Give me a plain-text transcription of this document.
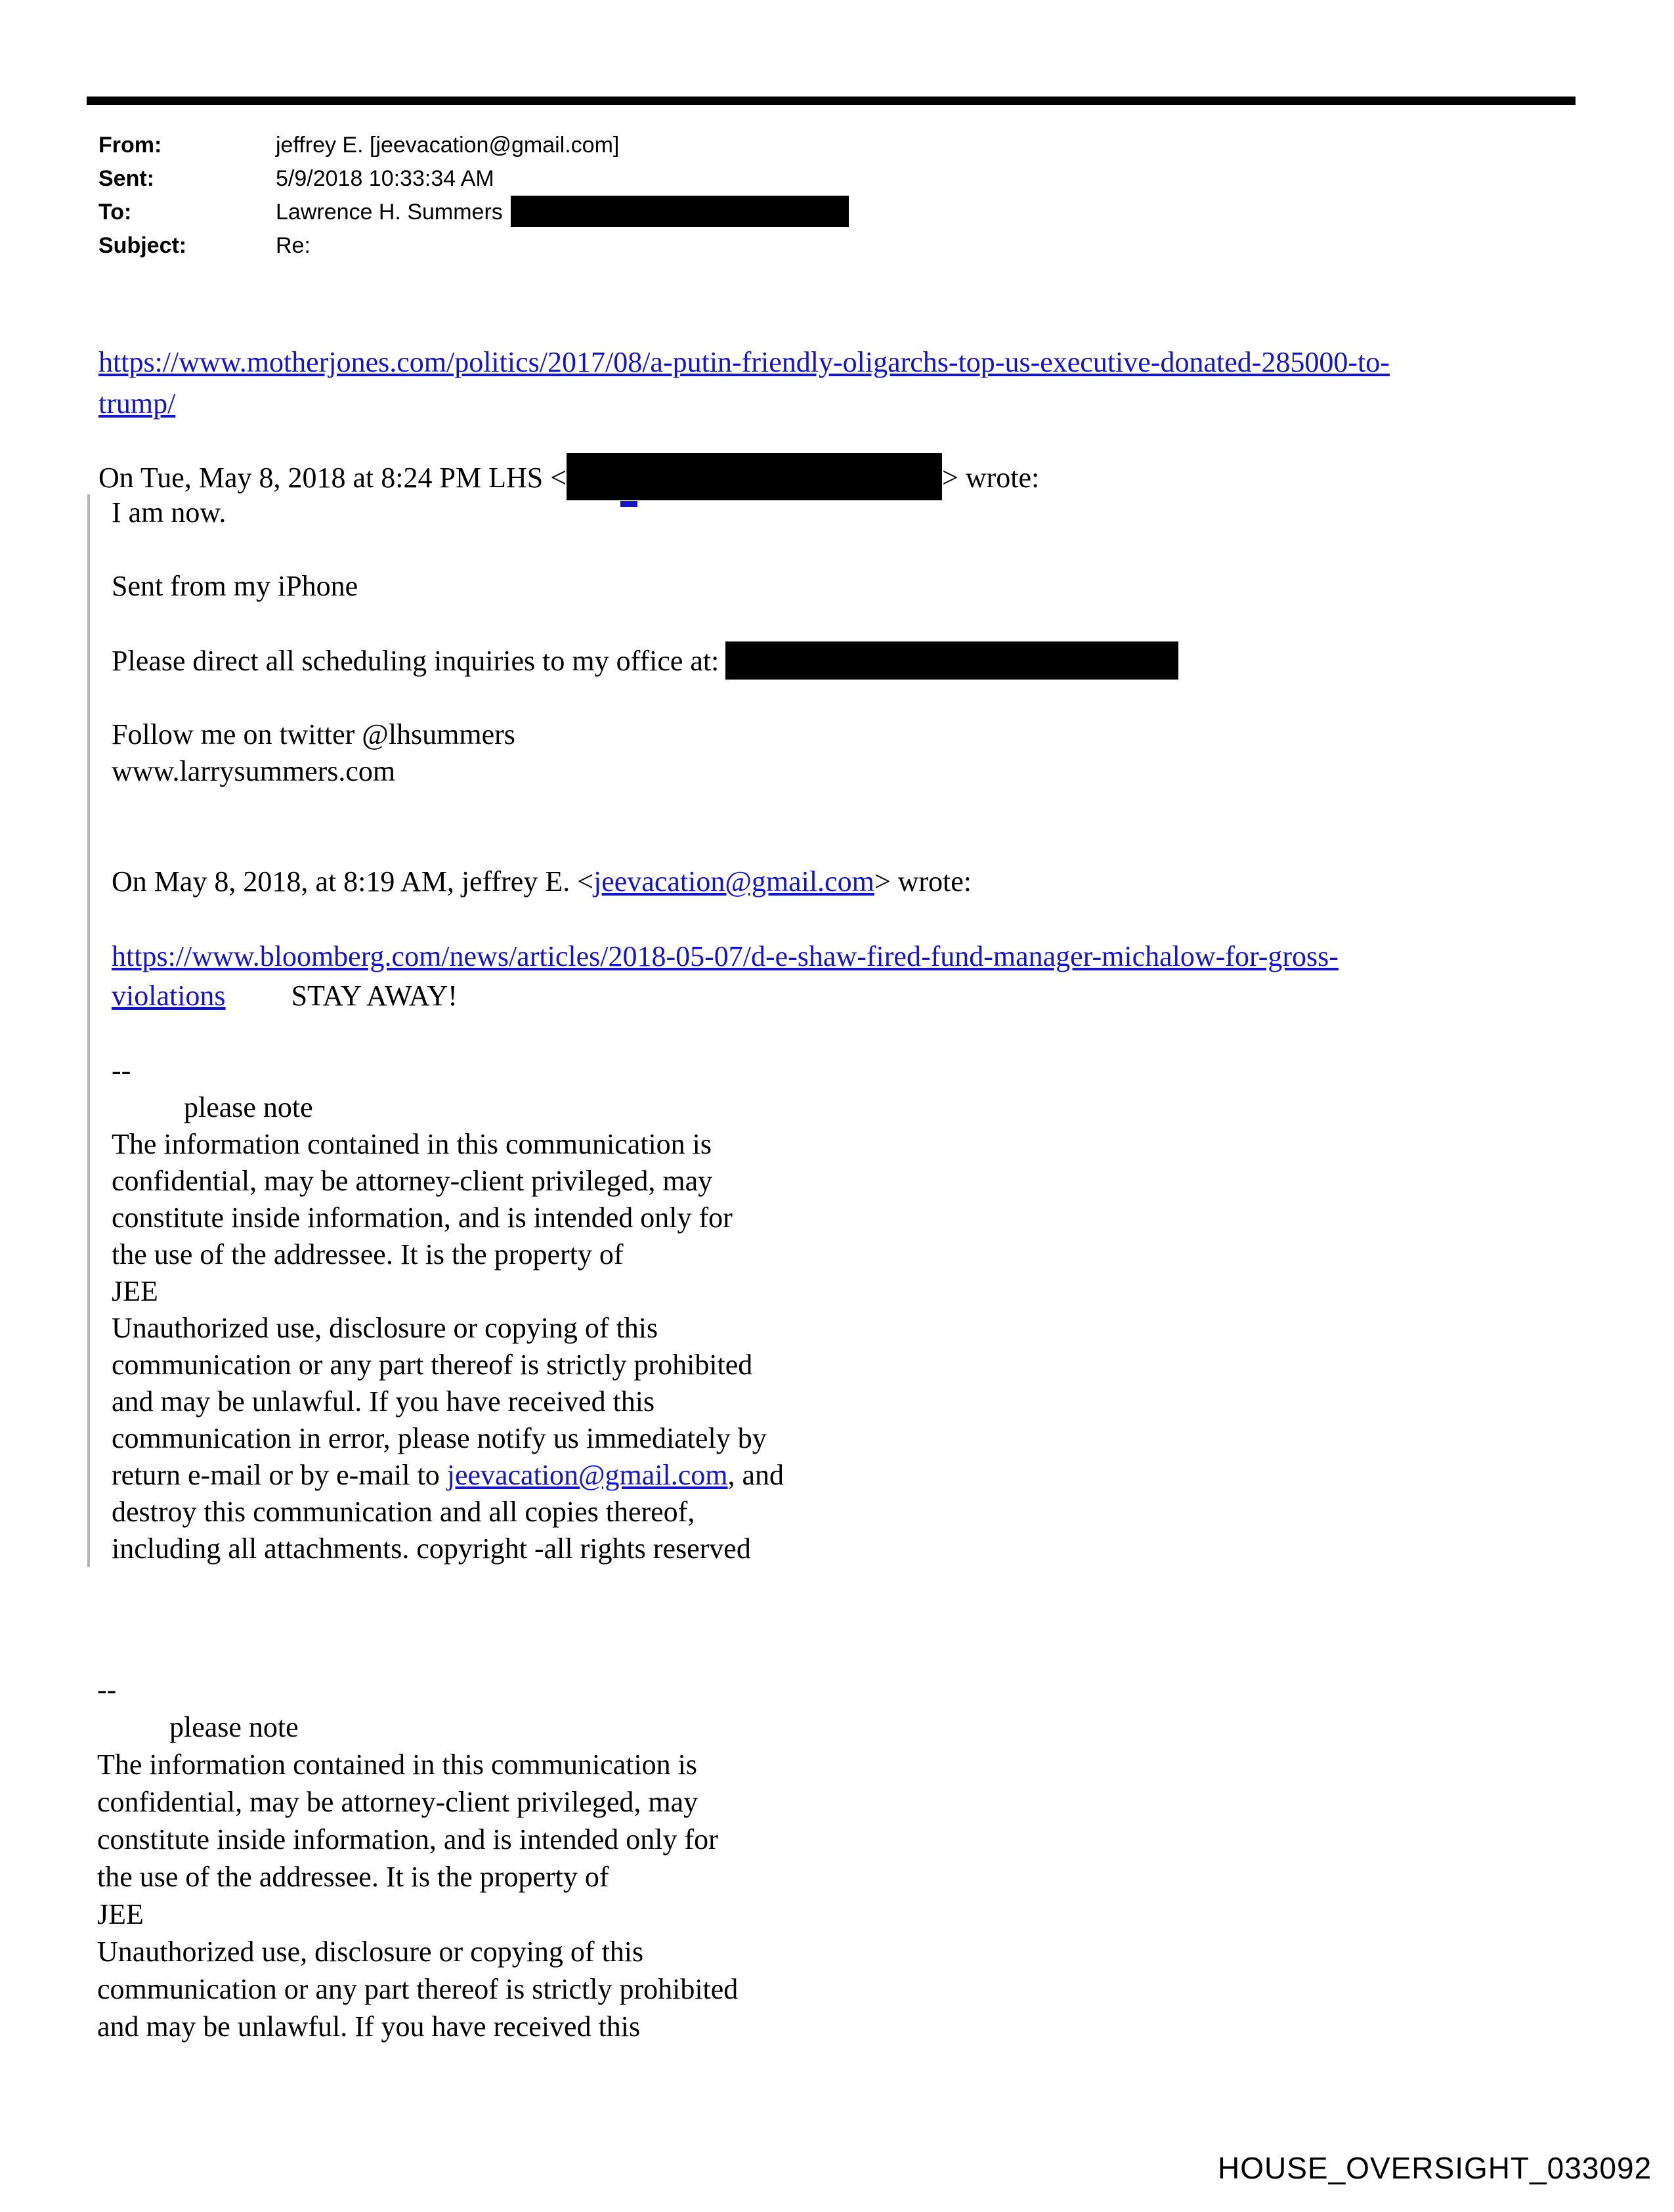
From:	jeffrey E. [jeevacation@gmail.com]
Sent:	5/9/2018 10:33:34 AM
To:	Lawrence H. Summers
Subject:	Re:
https://www.motherjones.com/politics/2017/08/a-putin-friendly-oligarchs-top-us-executive-donated-285000-to-
trump/
On Tue, May 8, 2018 at 8:24 PM LHS <	> wrote:

I am now.

Sent from my iPhone

Please direct all scheduling inquiries to my office at:

Follow me on twitter @lhsummers

www.larrysummers.com

On May 8, 2018, at 8:19 AM, jeffrey E. <jeevacation@gmail.com> wrote:

https://www.bloomberg.com/news/articles/2018-05-07/d-e-shaw-fired-fund-manager-michalow-for-gross-
violations STAY AWAY!

--

please note

The information contained in this communication is

confidential, may be attorney-client privileged, may

constitute inside information, and is intended only for

the use of the addressee. It is the property of

JEE

Unauthorized use, disclosure or copying of this

communication or any part thereof is strictly prohibited

and may be unlawful. If you have received this

communication in error, please notify us immediately by

return e-mail or by e-mail to jeevacation@gmail.com, and

destroy this communication and all copies thereof,

including all attachments. copyright -all rights reserved

--

please note

The information contained in this communication is

confidential, may be attorney-client privileged, may

constitute inside information, and is intended only for

the use of the addressee. It is the property of

JEE

Unauthorized use, disclosure or copying of this

communication or any part thereof is strictly prohibited

and may be unlawful. If you have received this

HOUSE_OVERSIGHT_033092
